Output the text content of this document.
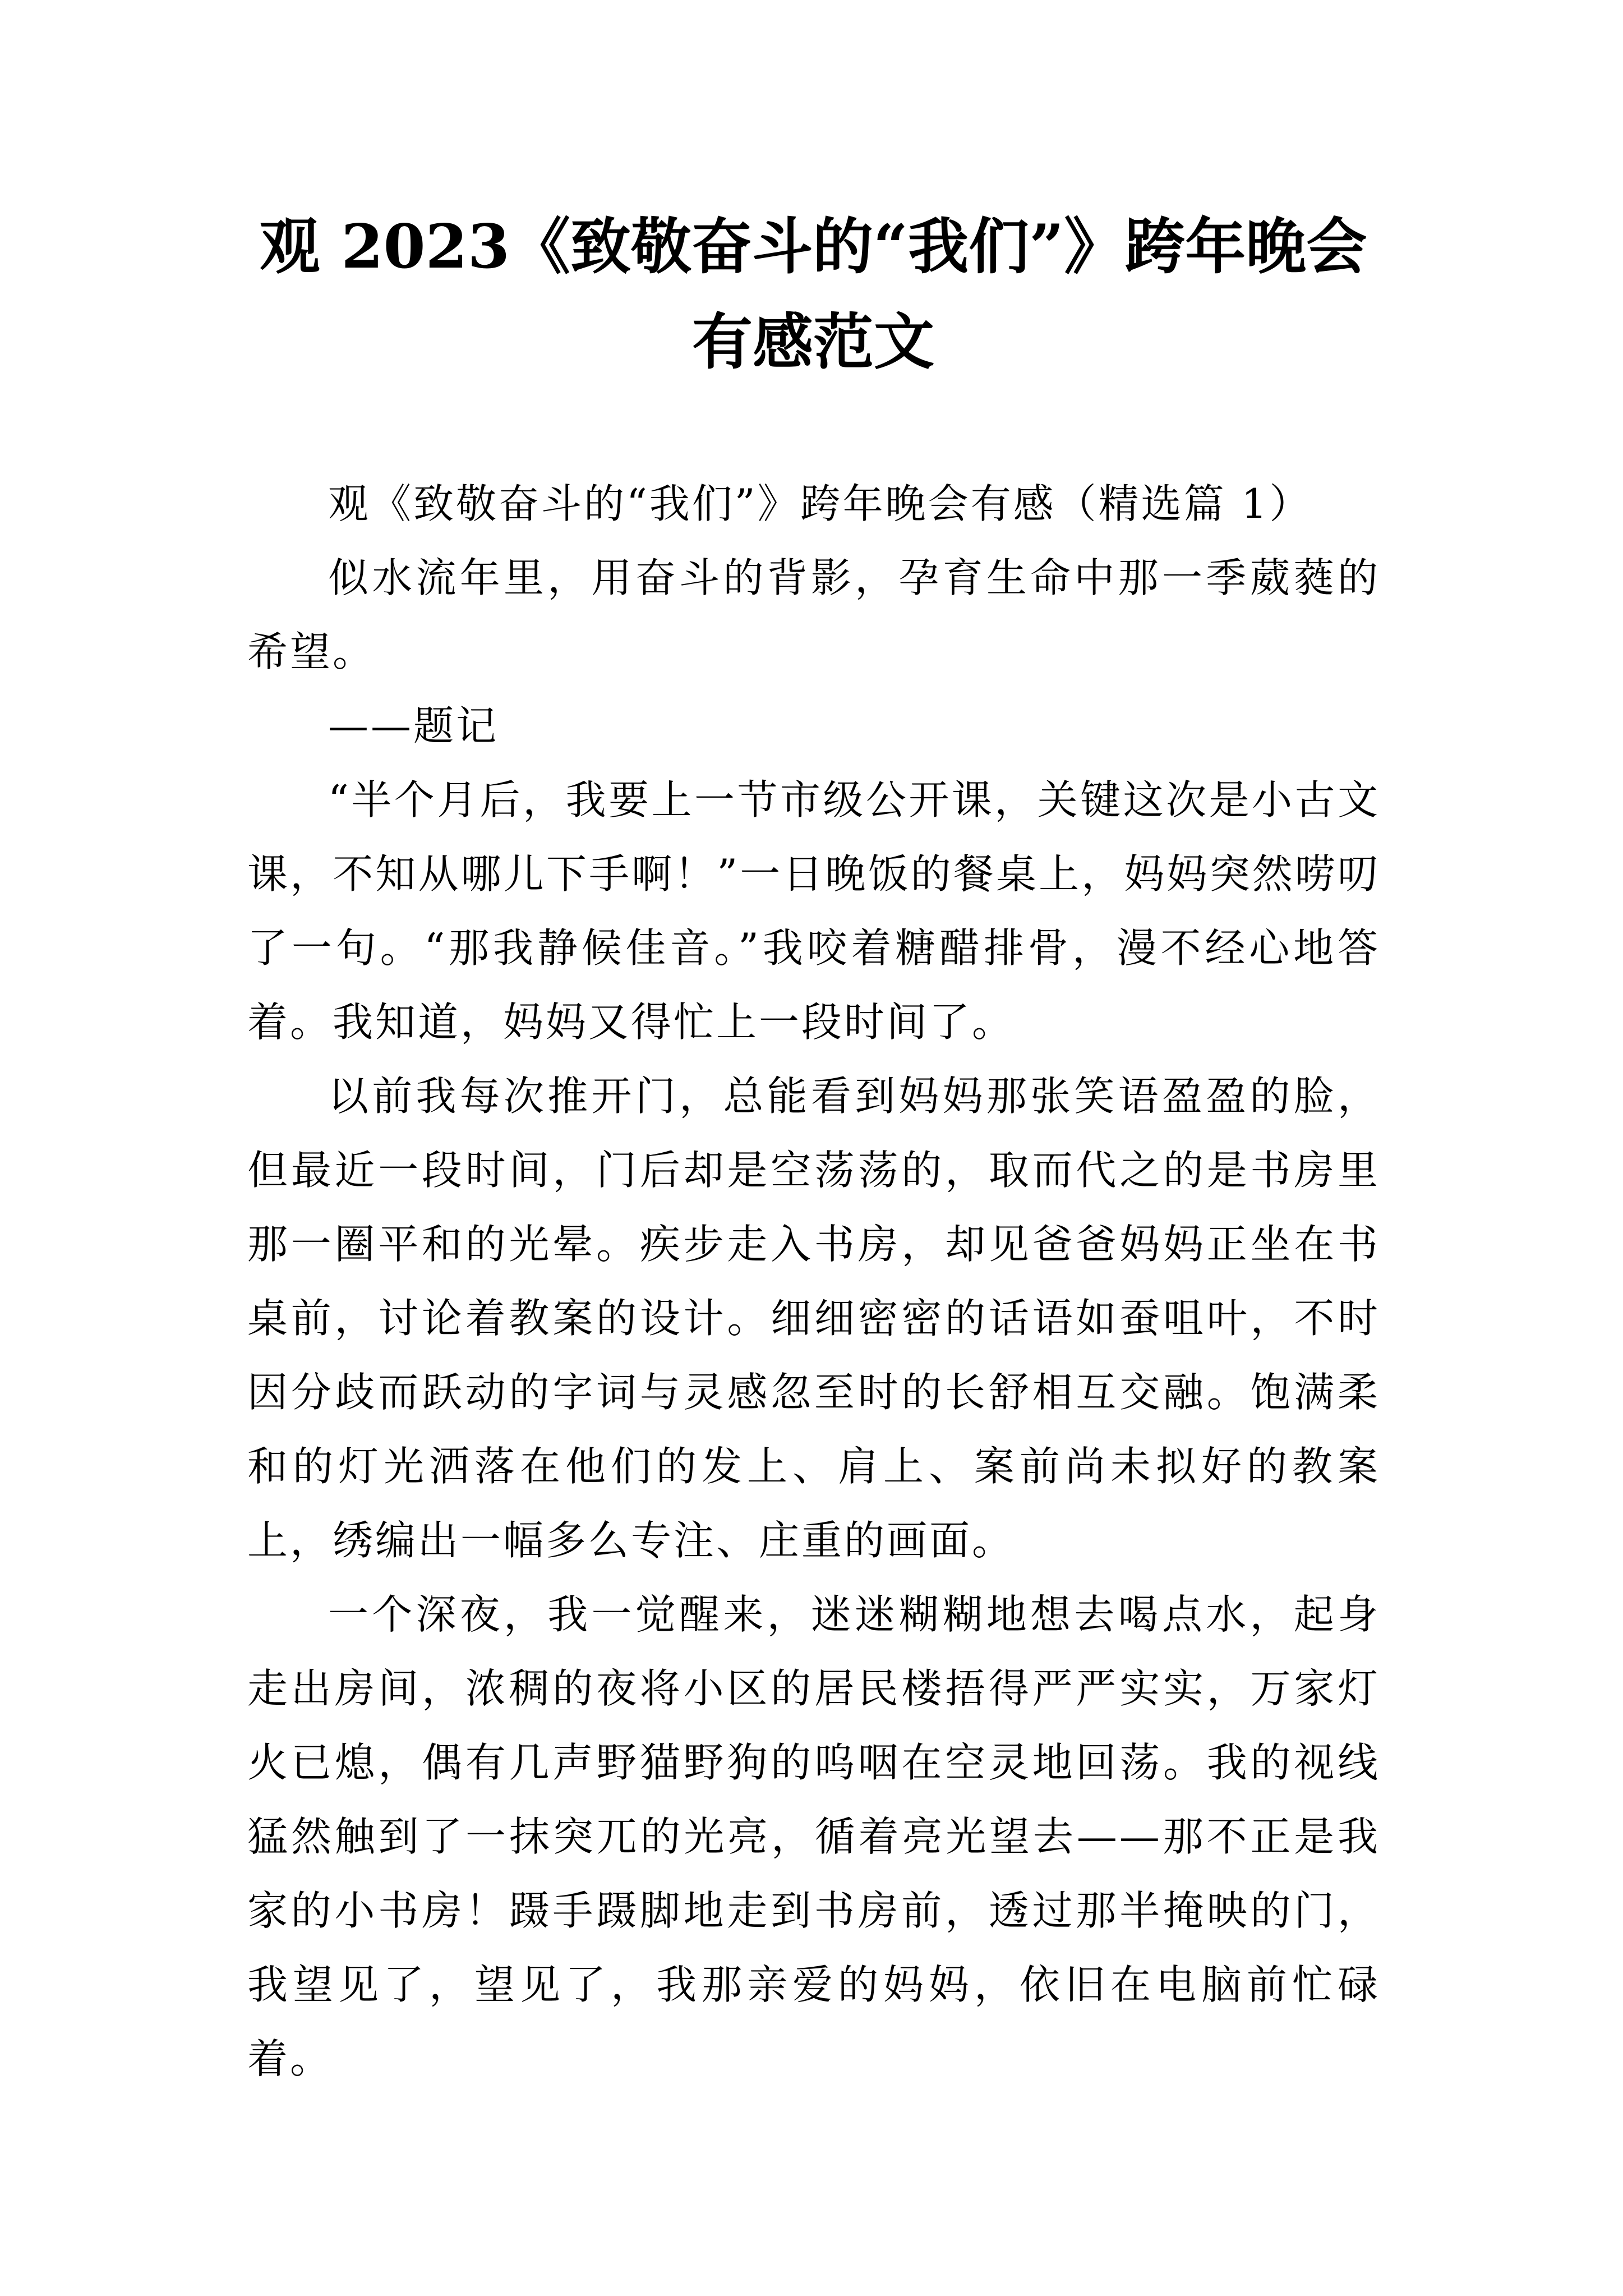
观 2023《致敬奋斗的“我们”》跨年晚会有感范文

观《致敬奋斗的“我们”》跨年晚会有感（精选篇 1）

似水流年里，用奋斗的背影，孕育生命中那一季葳蕤的希望。

——题记

“半个月后，我要上一节市级公开课，关键这次是小古文课，不知从哪儿下手啊！”一日晚饭的餐桌上，妈妈突然唠叨了一句。“那我静候佳音。”我咬着糖醋排骨，漫不经心地答着。我知道，妈妈又得忙上一段时间了。

以前我每次推开门，总能看到妈妈那张笑语盈盈的脸，但最近一段时间，门后却是空荡荡的，取而代之的是书房里那一圈平和的光晕。疾步走入书房，却见爸爸妈妈正坐在书桌前，讨论着教案的设计。细细密密的话语如蚕咀叶，不时因分歧而跃动的字词与灵感忽至时的长舒相互交融。饱满柔和的灯光洒落在他们的发上、肩上、案前尚未拟好的教案上，绣编出一幅多么专注、庄重的画面。

一个深夜，我一觉醒来，迷迷糊糊地想去喝点水，起身走出房间，浓稠的夜将小区的居民楼捂得严严实实，万家灯火已熄，偶有几声野猫野狗的呜咽在空灵地回荡。我的视线猛然触到了一抹突兀的光亮，循着亮光望去——那不正是我家的小书房！蹑手蹑脚地走到书房前，透过那半掩映的门，我望见了，望见了，我那亲爱的妈妈，依旧在电脑前忙碌着。
